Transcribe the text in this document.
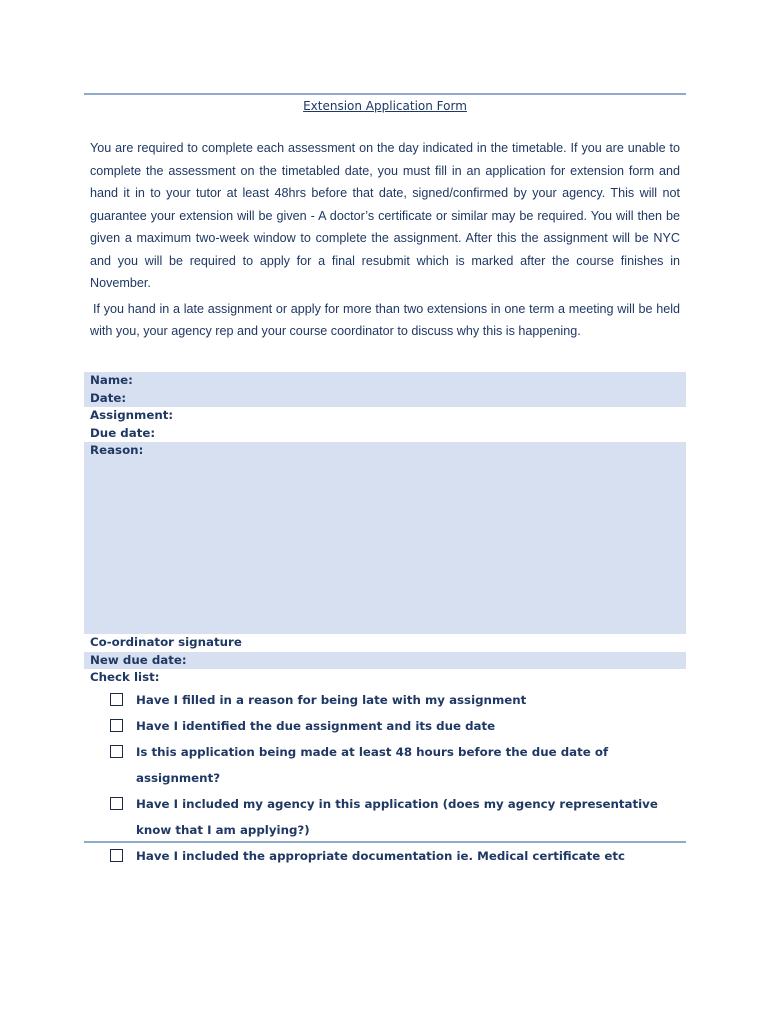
Extension Application Form

You are required to complete each assessment on the day indicated in the timetable. If you are unable to complete the assessment on the timetabled date, you must fill in an application for extension form and hand it in to your tutor at least 48hrs before that date, signed/confirmed by your agency. This will not guarantee your extension will be given - A doctor’s certificate or similar may be required. You will then be given a maximum two-week window to complete the assignment. After this the assignment will be NYC and you will be required to apply for a final resubmit which is marked after the course finishes in November.

If you hand in a late assignment or apply for more than two extensions in one term a meeting will be held with you, your agency rep and your course coordinator to discuss why this is happening.

Name:
Date:
Assignment:
Due date:
Reason:
Co-ordinator signature
New due date:
Check list:
Have I filled in a reason for being late with my assignment
Have I identified the due assignment and its due date
Is this application being made at least 48 hours before the due date of assignment?
Have I included my agency in this application (does my agency representative know that I am applying?)
Have I included the appropriate documentation ie. Medical certificate etc
